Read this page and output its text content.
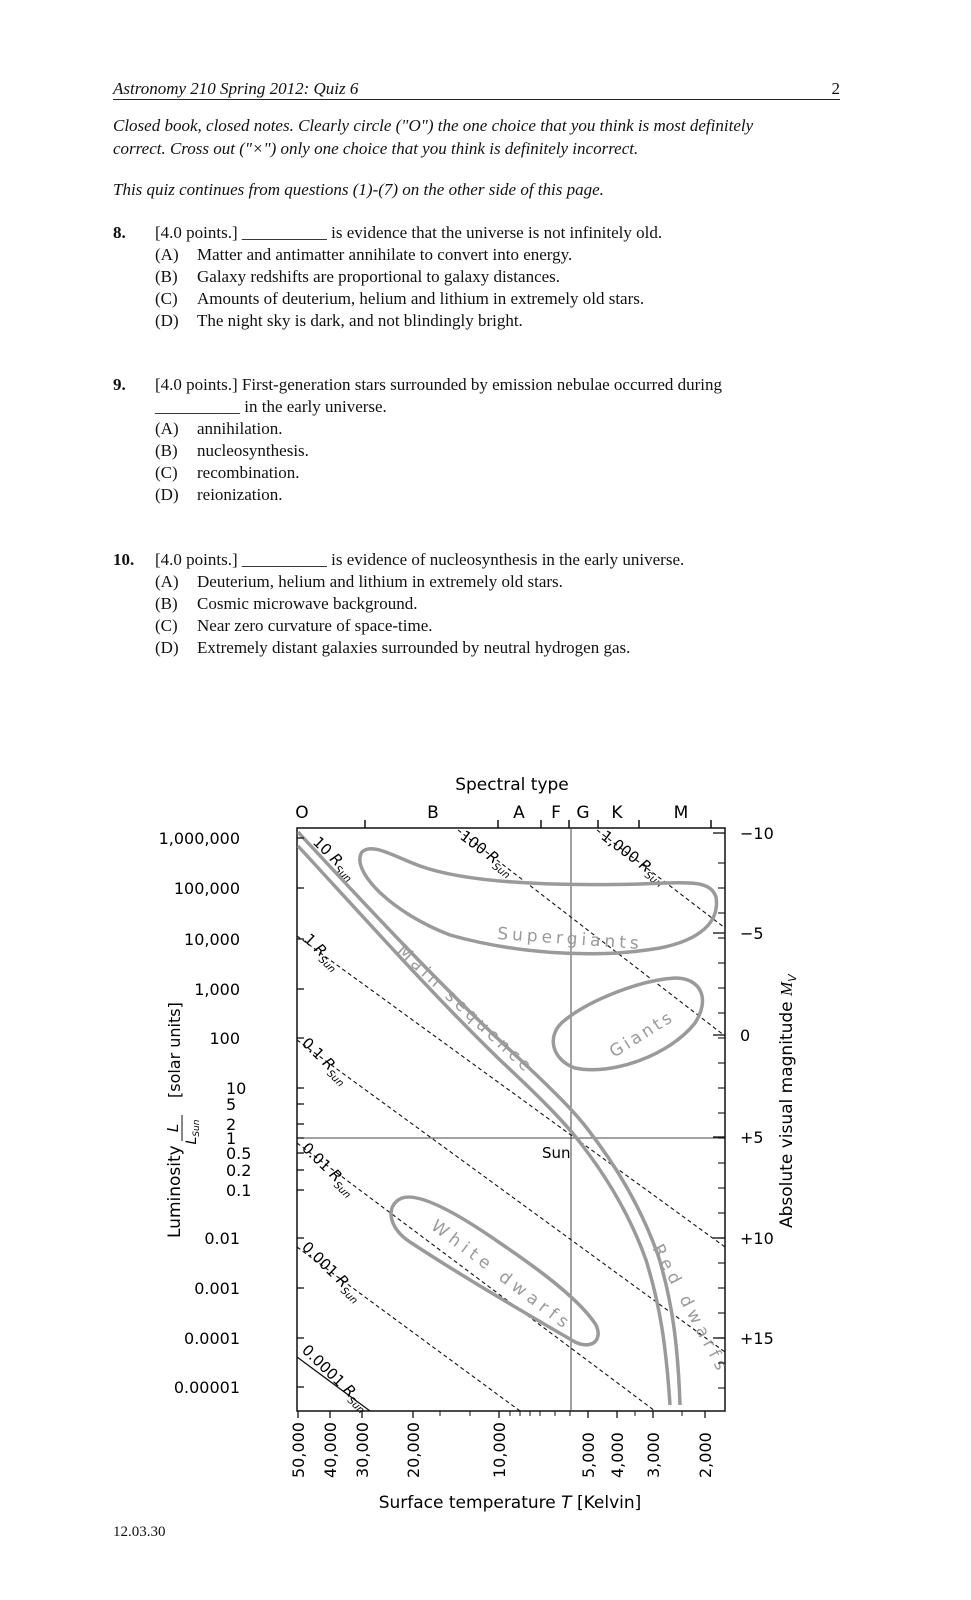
Astronomy 210 Spring 2012: Quiz 6	2

Closed book, closed notes. Clearly circle ("O") the one choice that you think is most definitely

correct. Cross out ("×") only one choice that you think is definitely incorrect.

This quiz continues from questions (1)-(7) on the other side of this page.
8. [4.0 points.] __________ is evidence that the universe is not infinitely old.
(A) Matter and antimatter annihilate to convert into energy.
(B) Galaxy redshifts are proportional to galaxy distances.
(C) Amounts of deuterium, helium and lithium in extremely old stars.
(D) The night sky is dark, and not blindingly bright.
9. [4.0 points.] First-generation stars surrounded by emission nebulae occurred during
__________ in the early universe.
(A) annihilation.
(B) nucleosynthesis.
(C) recombination.
(D) reionization.
10. [4.0 points.] __________ is evidence of nucleosynthesis in the early universe.
(A) Deuterium, helium and lithium in extremely old stars.
(B) Cosmic microwave background.
(C) Near zero curvature of space-time.
(D) Extremely distant galaxies surrounded by neutral hydrogen gas.
Spectral type
O	B	A F G K	M
Sun
1,000 $R_{Sun}$
100 $R_{Sun}$
10 $R_{Sun}$
1 $R_{Sun}$
0.1 $R_{Sun}$
0.01 $R_{Sun}$
0.001 $R_{Sun}$
0.0001 $R_{Sun}$
Supergiants
Giants
Main sequence
White dwarfs	Red dwarfs
Luminosity
L
$L_{Sun}$
[solar units]	Absolute visual magnitude $M_V$
Surface temperature T [Kelvin]
1,000,000
100,000
10,000
1,000
100
10
5
2
1
0.5
0.2
0.1
0.01
0.001
0.0001
0.00001
−10
−5
0
+5
+10
+15
50,000 40,000 30,000 20,000	10,000	5,000 4,000 3,000 2,000
12.03.30
